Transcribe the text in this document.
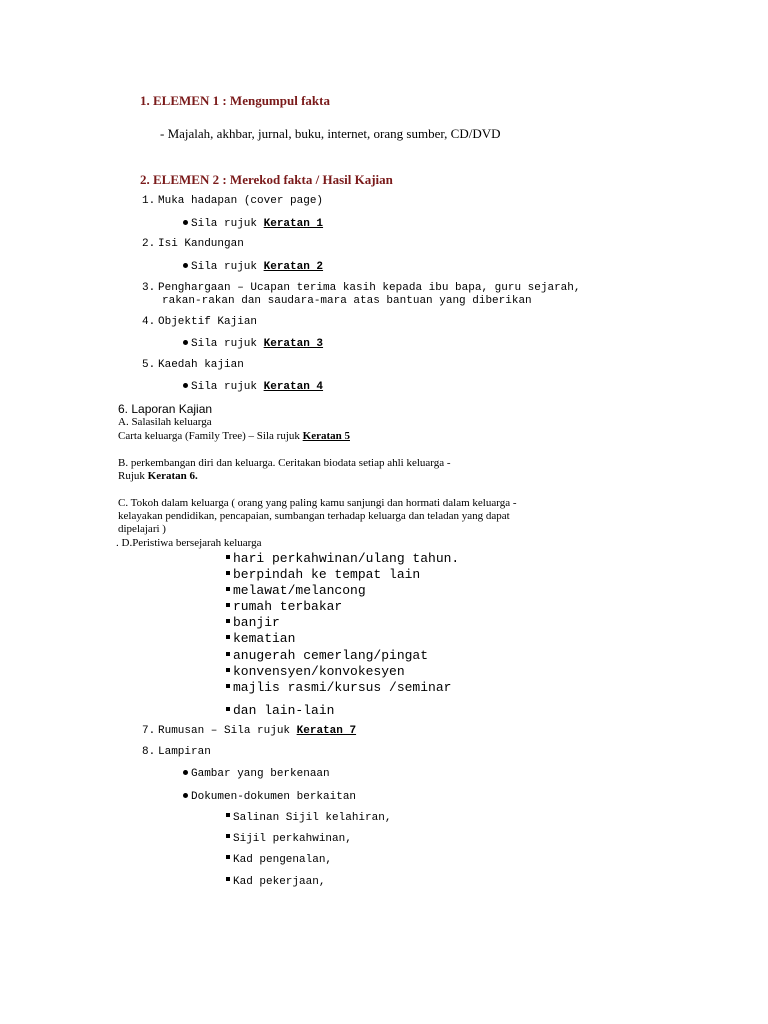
1. ELEMEN 1 : Mengumpul fakta
- Majalah, akhbar, jurnal, buku, internet, orang sumber, CD/DVD
2. ELEMEN 2 : Merekod fakta / Hasil Kajian
1. Muka hadapan (cover page)
Sila rujuk Keratan 1
2. Isi Kandungan
Sila rujuk Keratan 2
3. Penghargaan – Ucapan terima kasih kepada ibu bapa, guru sejarah,
rakan-rakan dan saudara-mara atas bantuan yang diberikan
4. Objektif Kajian
Sila rujuk Keratan 3
5. Kaedah kajian
Sila rujuk Keratan 4
6. Laporan Kajian
A. Salasilah keluarga
Carta keluarga (Family Tree) – Sila rujuk Keratan 5
B. perkembangan diri dan keluarga. Ceritakan biodata setiap ahli keluarga -
Rujuk Keratan 6.
C. Tokoh dalam keluarga ( orang yang paling kamu sanjungi dan hormati dalam keluarga -
kelayakan pendidikan, pencapaian, sumbangan terhadap keluarga dan teladan yang dapat
dipelajari )
. D.Peristiwa bersejarah keluarga
hari perkahwinan/ulang tahun.
berpindah ke tempat lain
melawat/melancong
rumah terbakar
banjir
kematian
anugerah cemerlang/pingat
konvensyen/konvokesyen
majlis rasmi/kursus /seminar
dan lain-lain
7. Rumusan – Sila rujuk Keratan 7
8. Lampiran
Gambar yang berkenaan
Dokumen-dokumen berkaitan
Salinan Sijil kelahiran,
Sijil perkahwinan,
Kad pengenalan,
Kad pekerjaan,
